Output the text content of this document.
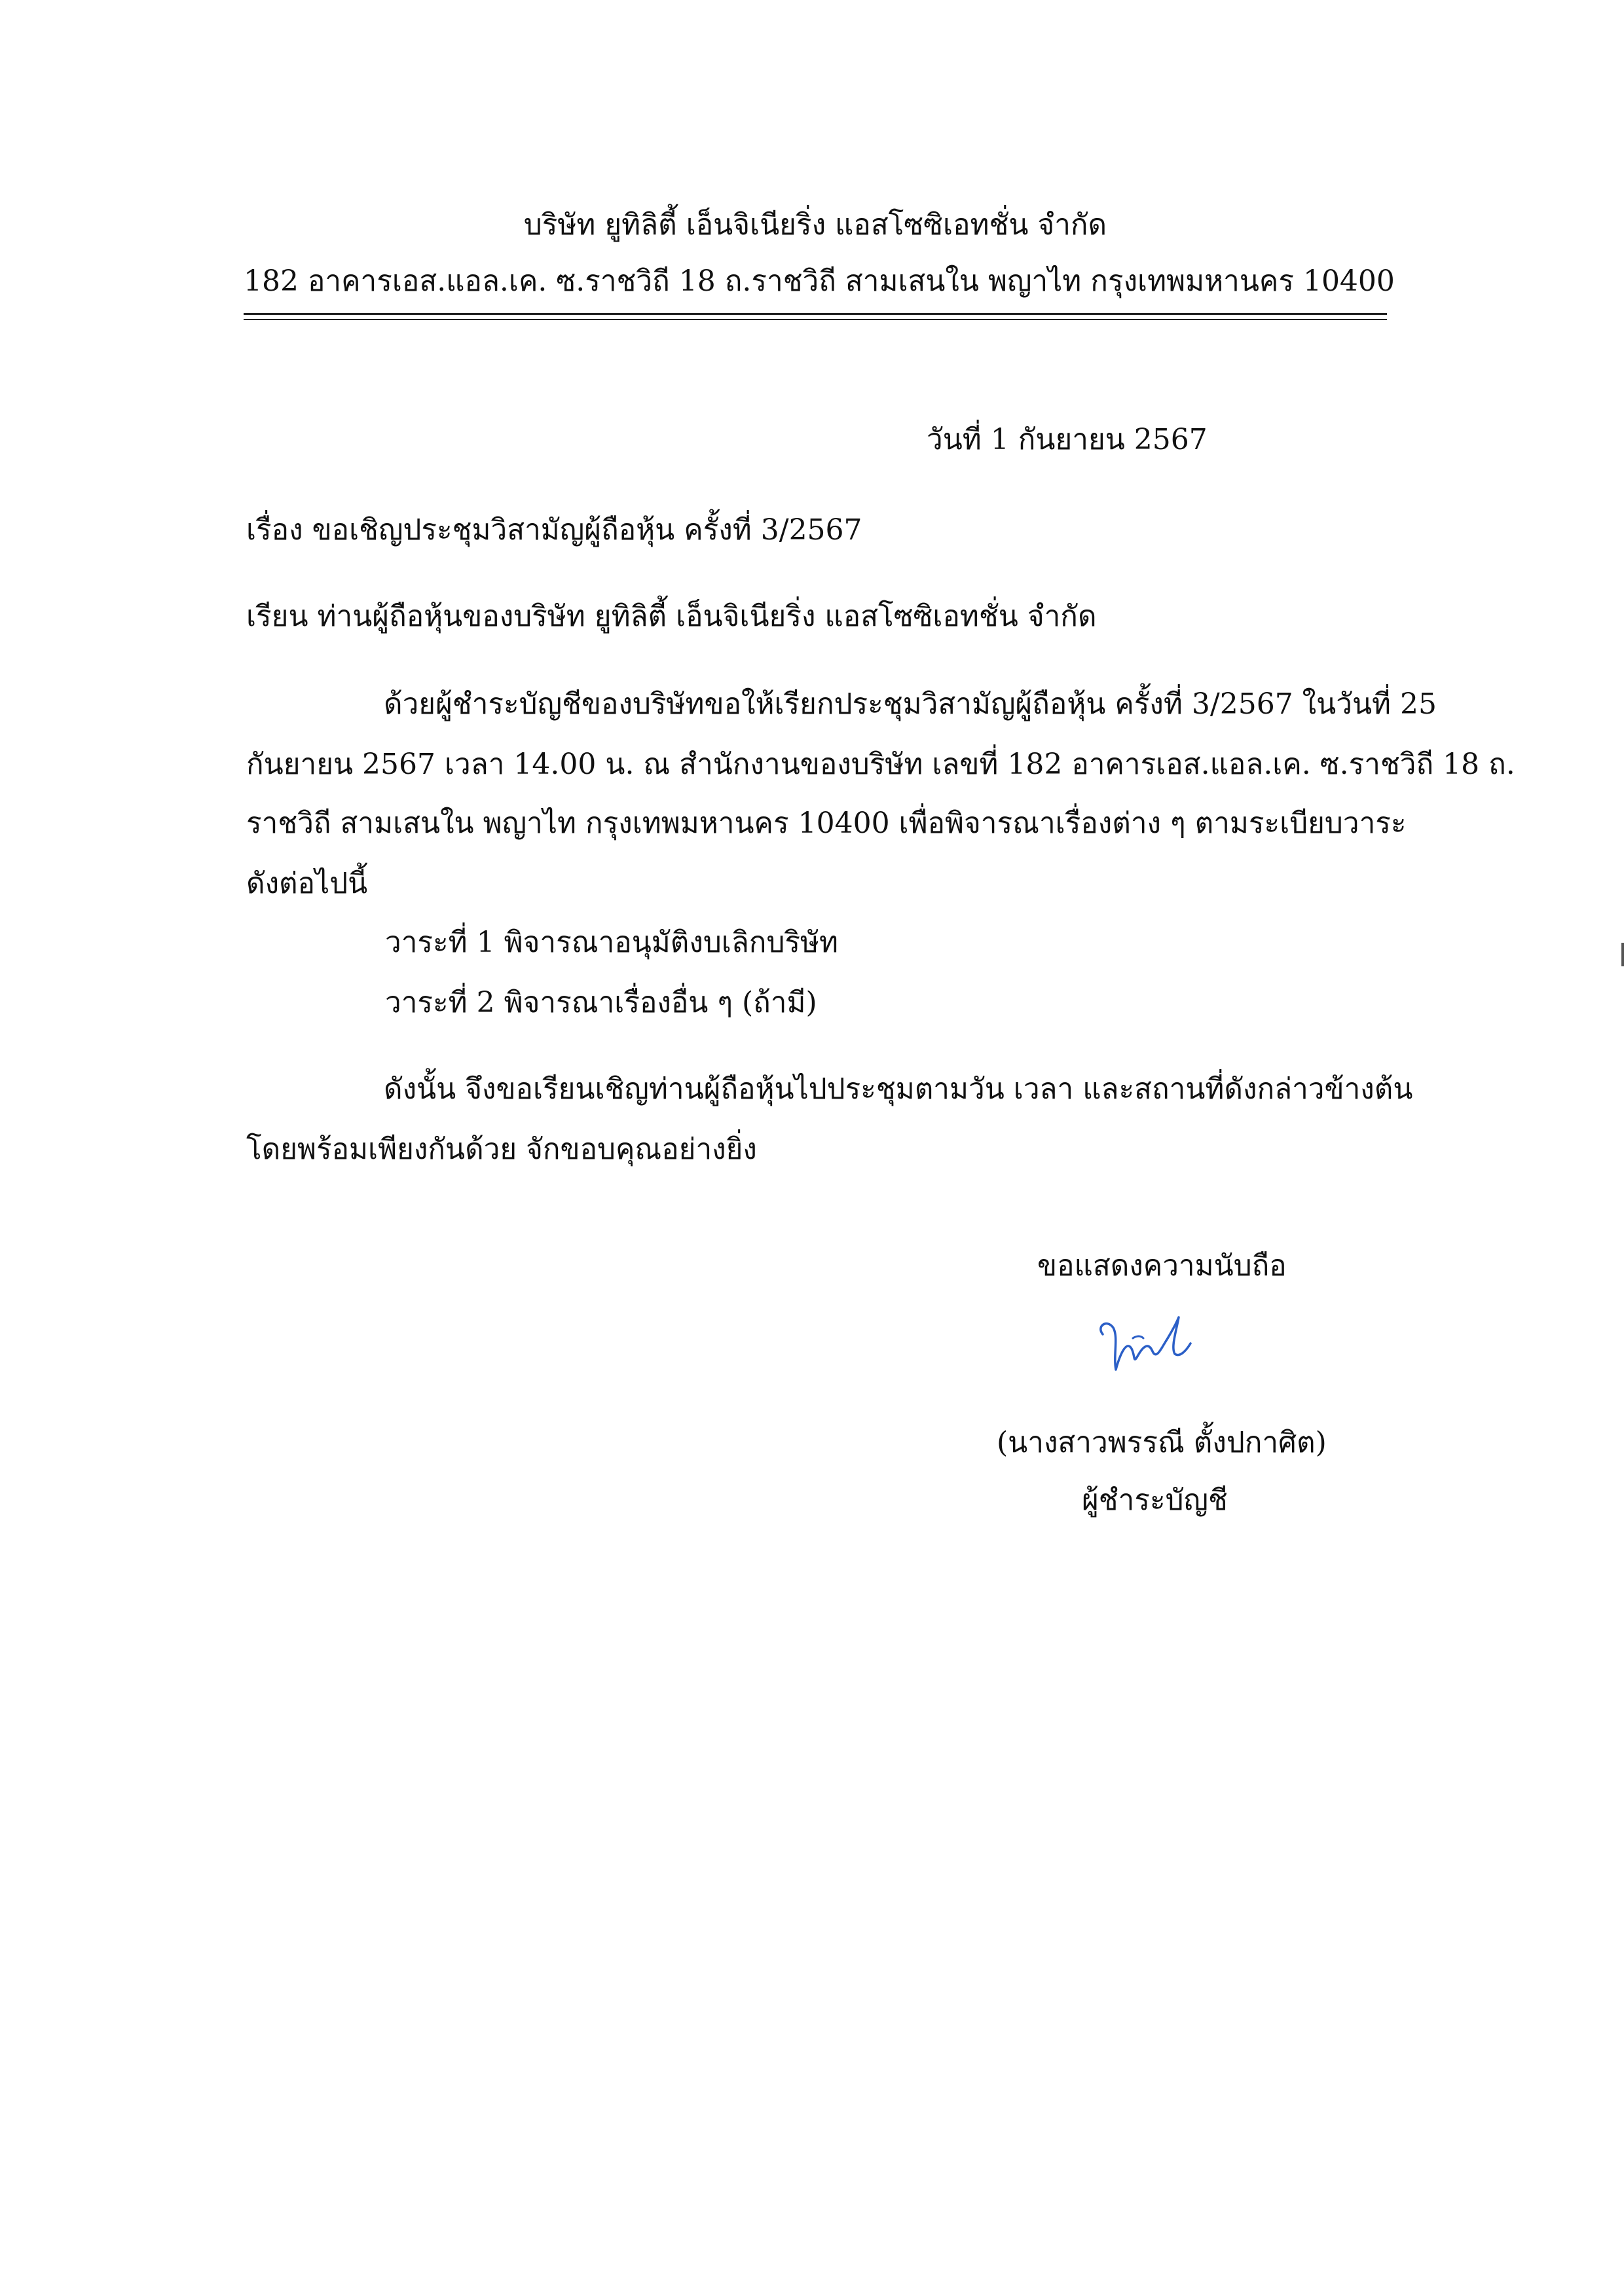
บริษัท ยูทิลิตี้ เอ็นจิเนียริ่ง แอสโซซิเอทชั่น จำกัด
182 อาคารเอส.แอล.เค. ซ.ราชวิถี 18 ถ.ราชวิถี สามเสนใน พญาไท กรุงเทพมหานคร 10400
วันที่ 1 กันยายน 2567
เรื่อง ขอเชิญประชุมวิสามัญผู้ถือหุ้น ครั้งที่ 3/2567
เรียน ท่านผู้ถือหุ้นของบริษัท ยูทิลิตี้ เอ็นจิเนียริ่ง แอสโซซิเอทชั่น จำกัด
ด้วยผู้ชำระบัญชีของบริษัทขอให้เรียกประชุมวิสามัญผู้ถือหุ้น ครั้งที่ 3/2567 ในวันที่ 25
กันยายน 2567 เวลา 14.00 น. ณ สำนักงานของบริษัท เลขที่ 182 อาคารเอส.แอล.เค. ซ.ราชวิถี 18 ถ.
ราชวิถี สามเสนใน พญาไท กรุงเทพมหานคร 10400 เพื่อพิจารณาเรื่องต่าง ๆ ตามระเบียบวาระ
ดังต่อไปนี้
วาระที่ 1 พิจารณาอนุมัติงบเลิกบริษัท
วาระที่ 2 พิจารณาเรื่องอื่น ๆ (ถ้ามี)
ดังนั้น จึงขอเรียนเชิญท่านผู้ถือหุ้นไปประชุมตามวัน เวลา และสถานที่ดังกล่าวข้างต้น
โดยพร้อมเพียงกันด้วย จักขอบคุณอย่างยิ่ง
ขอแสดงความนับถือ
(นางสาวพรรณี ตั้งปกาศิต)
ผู้ชำระบัญชี
